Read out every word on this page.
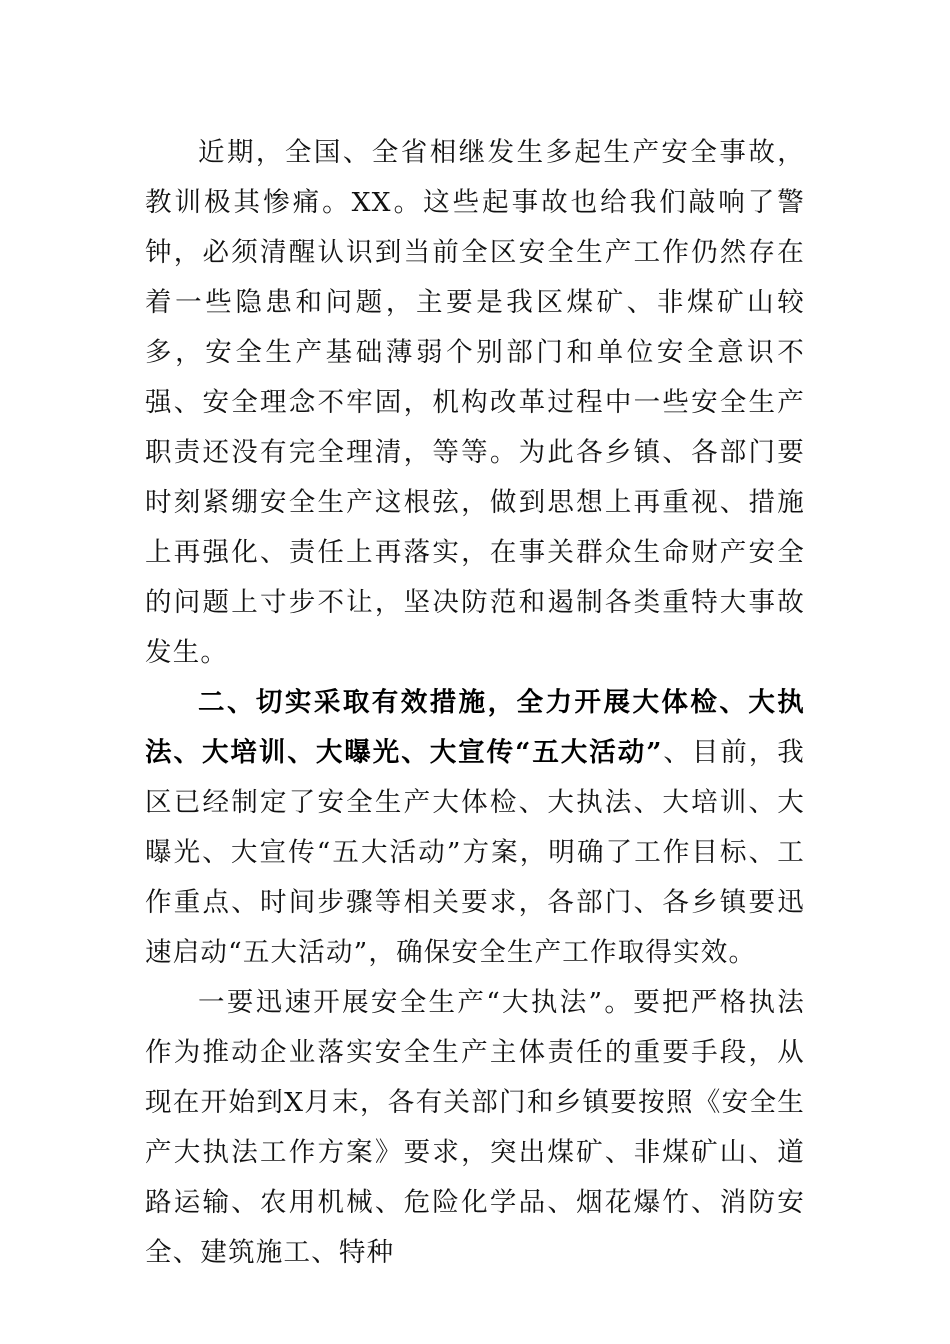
近期，全国、全省相继发生多起生产安全事故，教训极其惨痛。XX。这些起事故也给我们敲响了警钟，必须清醒认识到当前全区安全生产工作仍然存在着一些隐患和问题，主要是我区煤矿、非煤矿山较多，安全生产基础薄弱个别部门和单位安全意识不强、安全理念不牢固，机构改革过程中一些安全生产职责还没有完全理清，等等。为此各乡镇、各部门要时刻紧绷安全生产这根弦，做到思想上再重视、措施上再强化、责任上再落实，在事关群众生命财产安全的问题上寸步不让，坚决防范和遏制各类重特大事故发生。

二、切实采取有效措施，全力开展大体检、大执法、大培训、大曝光、大宣传“五大活动”、目前，我区已经制定了安全生产大体检、大执法、大培训、大曝光、大宣传“五大活动”方案，明确了工作目标、工作重点、时间步骤等相关要求，各部门、各乡镇要迅速启动“五大活动”，确保安全生产工作取得实效。

一要迅速开展安全生产“大执法”。要把严格执法作为推动企业落实安全生产主体责任的重要手段，从现在开始到X月末，各有关部门和乡镇要按照《安全生产大执法工作方案》要求，突出煤矿、非煤矿山、道路运输、农用机械、危险化学品、烟花爆竹、消防安全、建筑施工、特种
